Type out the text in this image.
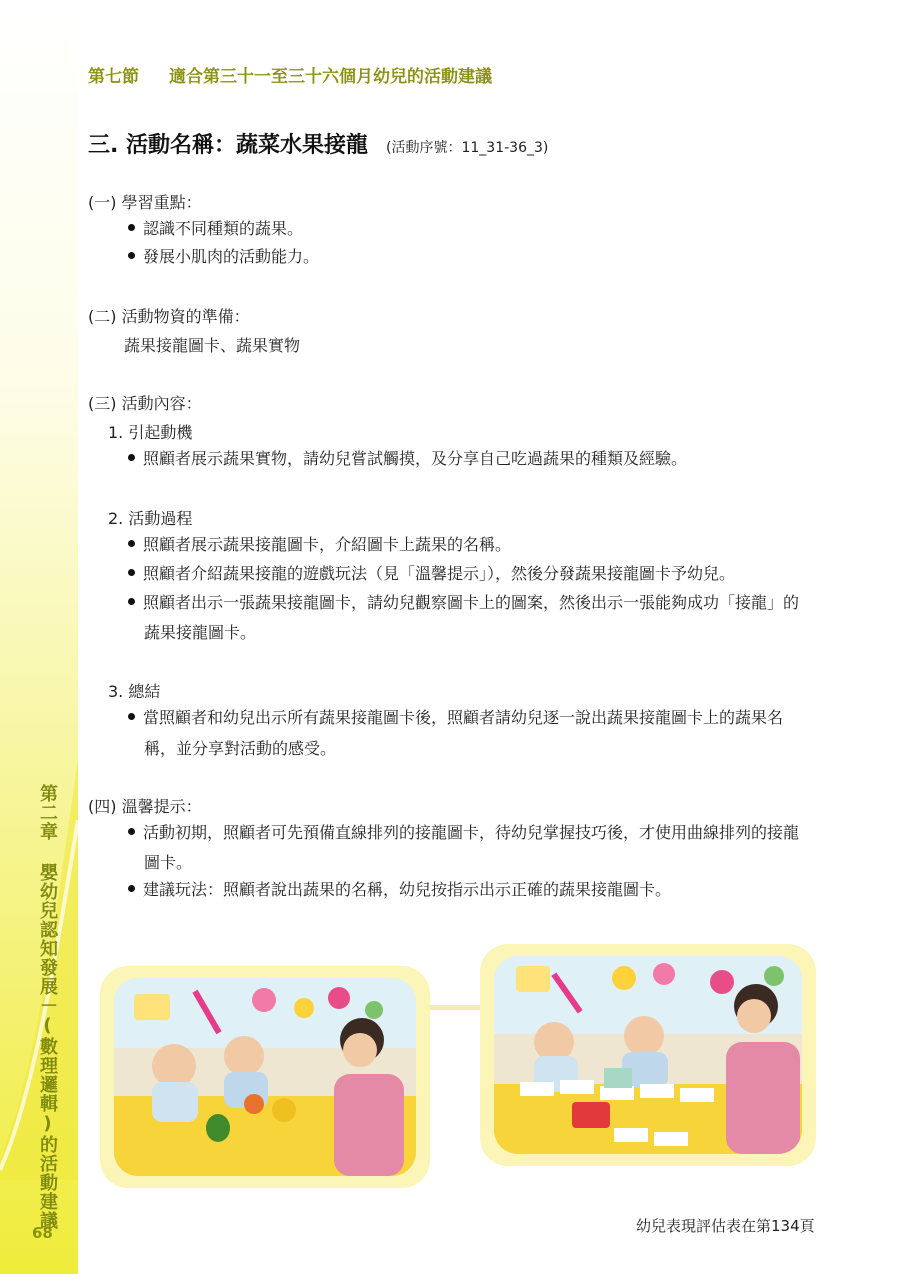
第二章 嬰幼兒認知發展－(數理邏輯)的活動建議
68
第七節 適合第三十一至三十六個月幼兒的活動建議
三. 活動名稱：蔬菜水果接龍 (活動序號：11_31-36_3)
(一) 學習重點：
認識不同種類的蔬果。
發展小肌肉的活動能力。
(二) 活動物資的準備：
蔬果接龍圖卡、蔬果實物
(三) 活動內容：
1. 引起動機
照顧者展示蔬果實物，請幼兒嘗試觸摸，及分享自己吃過蔬果的種類及經驗。
2. 活動過程
照顧者展示蔬果接龍圖卡，介紹圖卡上蔬果的名稱。
照顧者介紹蔬果接龍的遊戲玩法（見「溫馨提示」），然後分發蔬果接龍圖卡予幼兒。
照顧者出示一張蔬果接龍圖卡，請幼兒觀察圖卡上的圖案，然後出示一張能夠成功「接龍」的
蔬果接龍圖卡。
3. 總結
當照顧者和幼兒出示所有蔬果接龍圖卡後，照顧者請幼兒逐一說出蔬果接龍圖卡上的蔬果名
稱，並分享對活動的感受。
(四) 溫馨提示：
活動初期，照顧者可先預備直線排列的接龍圖卡，待幼兒掌握技巧後，才使用曲線排列的接龍
圖卡。
建議玩法：照顧者說出蔬果的名稱，幼兒按指示出示正確的蔬果接龍圖卡。
幼兒表現評估表在第134頁
